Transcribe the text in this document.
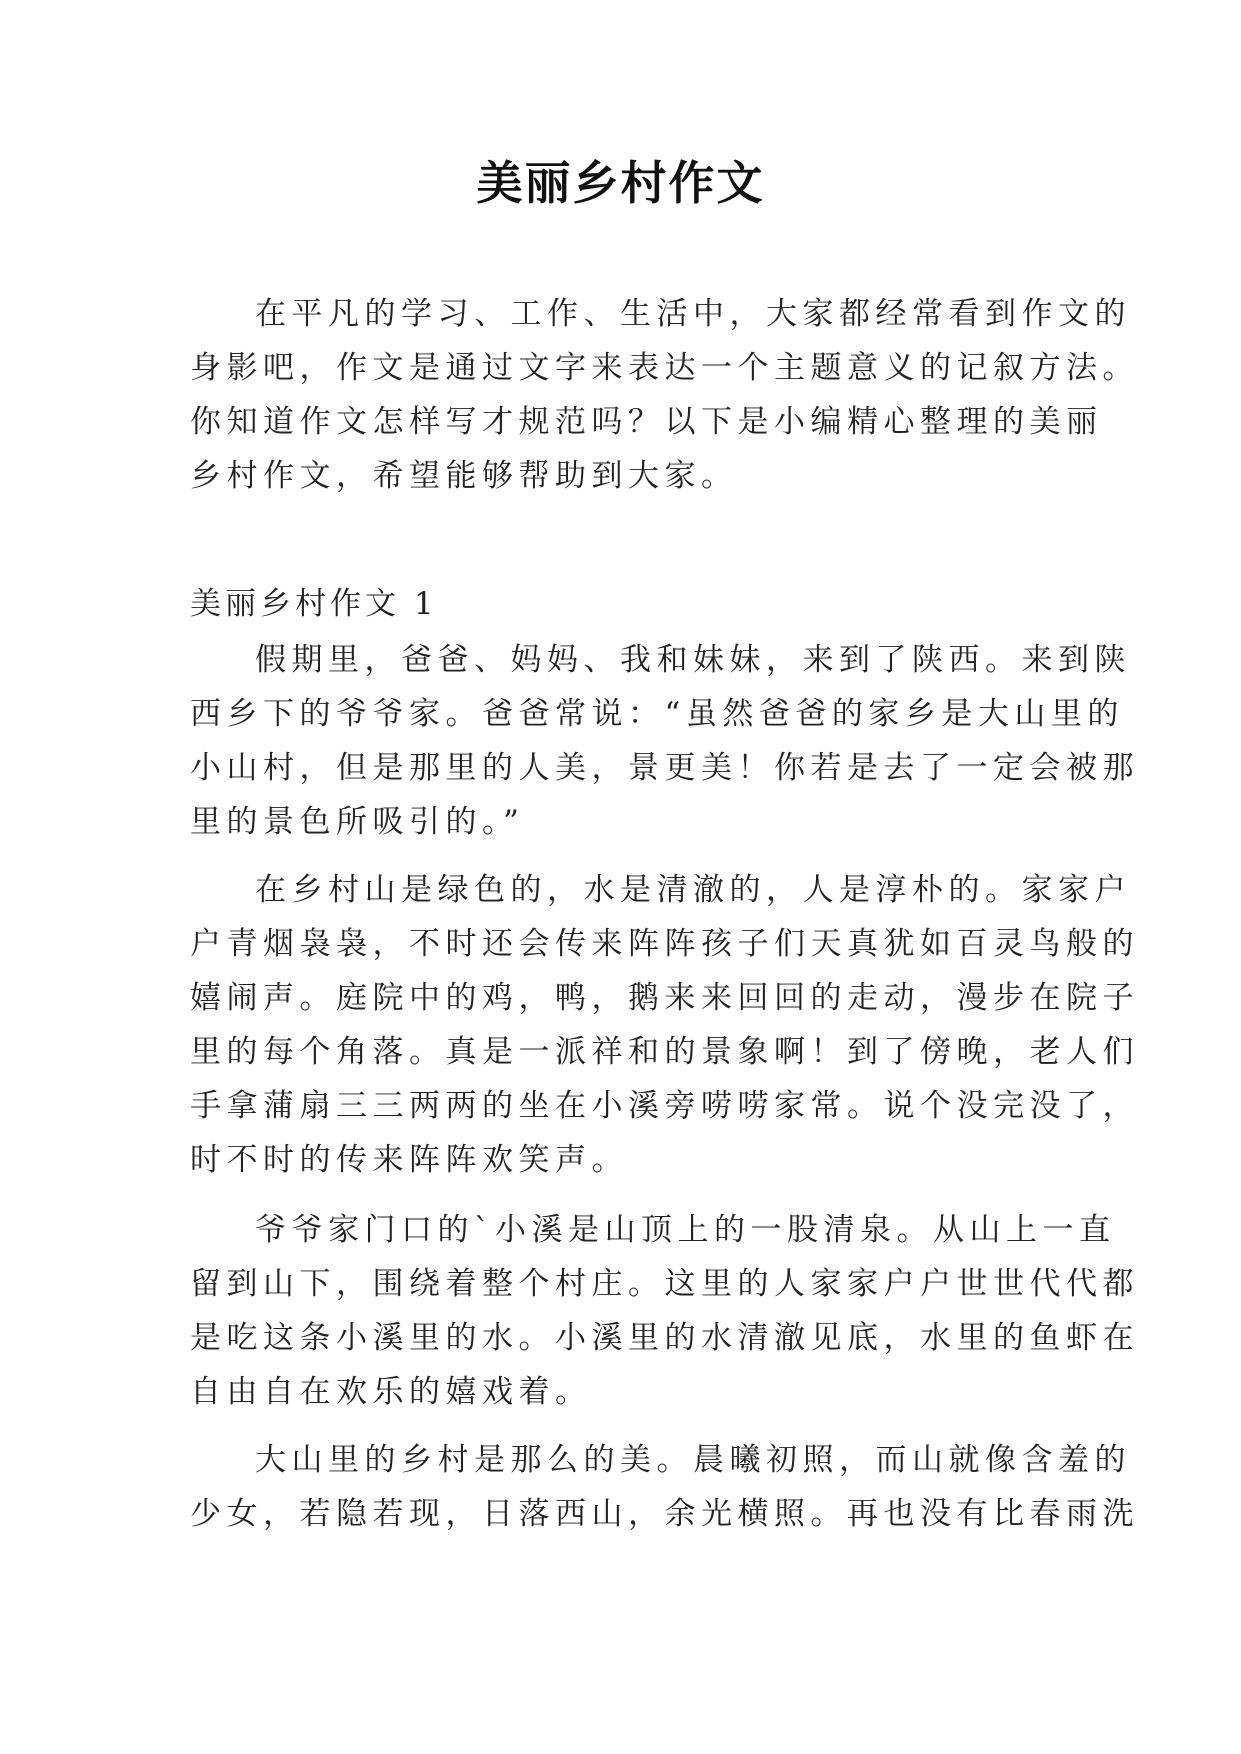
美丽乡村作文
在平凡的学习、工作、生活中，大家都经常看到作文的
身影吧，作文是通过文字来表达一个主题意义的记叙方法。
你知道作文怎样写才规范吗？以下是小编精心整理的美丽
乡村作文，希望能够帮助到大家。
美丽乡村作文 1
假期里，爸爸、妈妈、我和妹妹，来到了陕西。来到陕
西乡下的爷爷家。爸爸常说：“虽然爸爸的家乡是大山里的
小山村，但是那里的人美，景更美！你若是去了一定会被那
里的景色所吸引的。”
在乡村山是绿色的，水是清澈的，人是淳朴的。家家户
户青烟袅袅，不时还会传来阵阵孩子们天真犹如百灵鸟般的
嬉闹声。庭院中的鸡，鸭，鹅来来回回的走动，漫步在院子
里的每个角落。真是一派祥和的景象啊！到了傍晚，老人们
手拿蒲扇三三两两的坐在小溪旁唠唠家常。说个没完没了，
时不时的传来阵阵欢笑声。
爷爷家门口的`小溪是山顶上的一股清泉。从山上一直
留到山下，围绕着整个村庄。这里的人家家户户世世代代都
是吃这条小溪里的水。小溪里的水清澈见底，水里的鱼虾在
自由自在欢乐的嬉戏着。
大山里的乡村是那么的美。晨曦初照，而山就像含羞的
少女，若隐若现，日落西山，余光横照。再也没有比春雨洗
